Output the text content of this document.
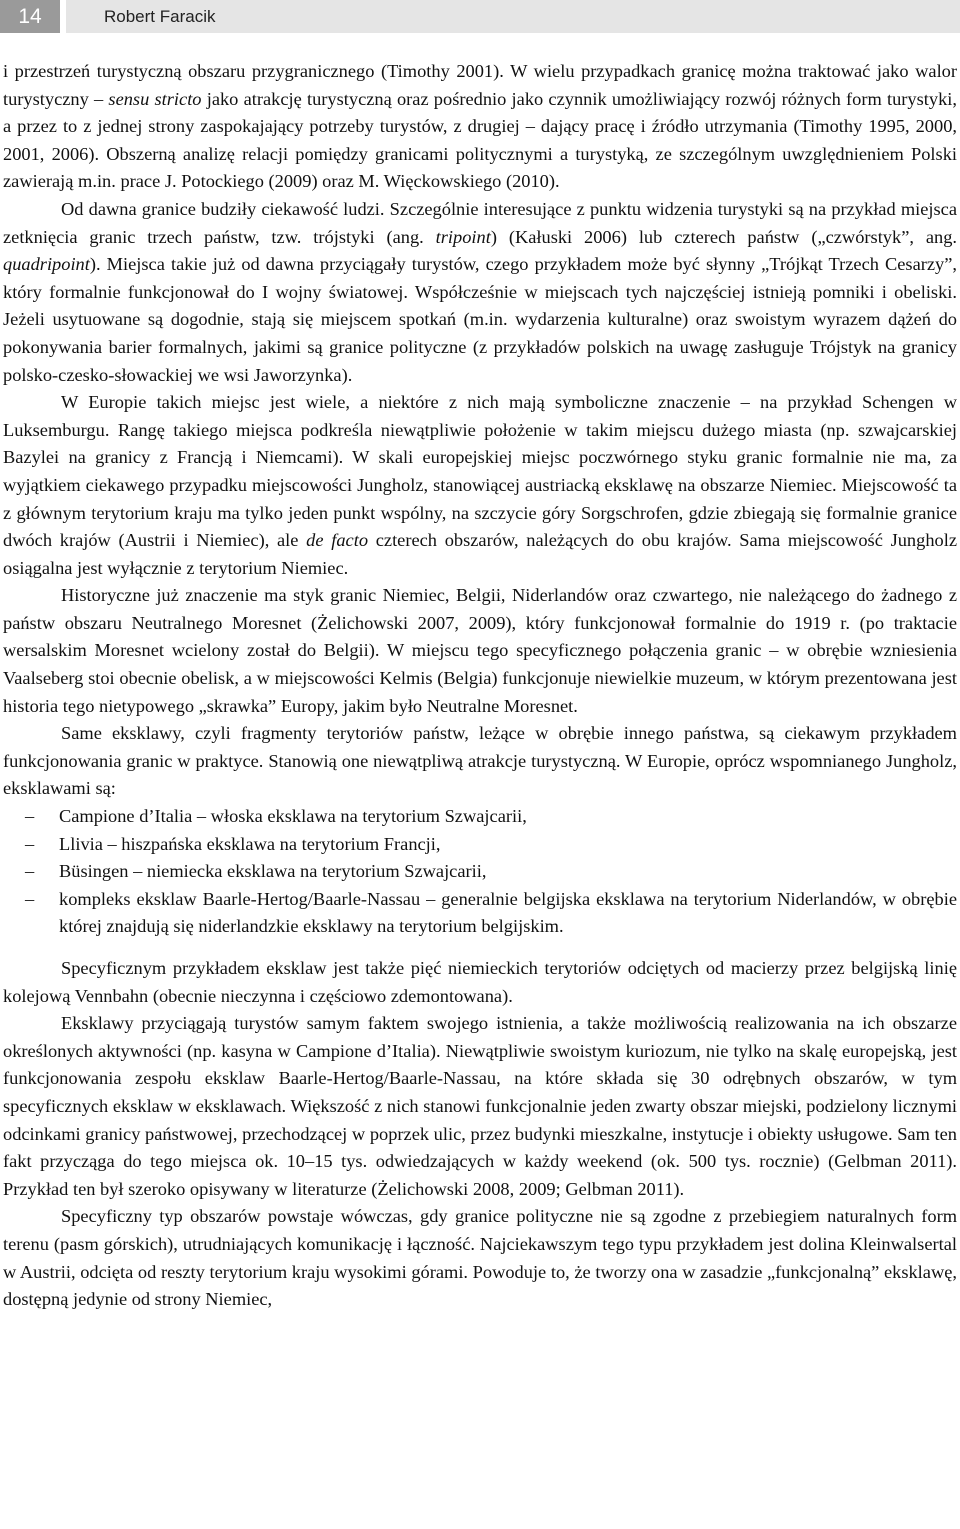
14	Robert Faracik

i przestrzeń turystyczną obszaru przygranicznego (Timothy 2001). W wielu przypadkach granicę można traktować jako walor turystyczny – sensu stricto jako atrakcję turystyczną oraz pośrednio jako czynnik umożliwiający rozwój różnych form turystyki, a przez to z jednej strony zaspokajający potrzeby turystów, z drugiej – dający pracę i źródło utrzymania (Timothy 1995, 2000, 2001, 2006). Obszerną analizę relacji pomiędzy granicami politycznymi a turystyką, ze szczególnym uwzględnieniem Polski zawierają m.in. prace J. Potockiego (2009) oraz M. Więckowskiego (2010).

Od dawna granice budziły ciekawość ludzi. Szczególnie interesujące z punktu widzenia turystyki są na przykład miejsca zetknięcia granic trzech państw, tzw. trójstyki (ang. tripoint) (Kałuski 2006) lub czterech państw („czwórstyk”, ang. quadripoint). Miejsca takie już od dawna przyciągały turystów, czego przykładem może być słynny „Trójkąt Trzech Cesarzy”, który formalnie funkcjonował do I wojny światowej. Współcześnie w miejscach tych najczęściej istnieją pomniki i obeliski. Jeżeli usytuowane są dogodnie, stają się miejscem spotkań (m.in. wydarzenia kulturalne) oraz swoistym wyrazem dążeń do pokonywania barier formalnych, jakimi są granice polityczne (z przykładów polskich na uwagę zasługuje Trójstyk na granicy polsko-czesko-słowackiej we wsi Jaworzynka).

W Europie takich miejsc jest wiele, a niektóre z nich mają symboliczne znaczenie – na przykład Schengen w Luksemburgu. Rangę takiego miejsca podkreśla niewątpliwie położenie w takim miejscu dużego miasta (np. szwajcarskiej Bazylei na granicy z Francją i Niemcami). W skali europejskiej miejsc poczwórnego styku granic formalnie nie ma, za wyjątkiem ciekawego przypadku miejscowości Jungholz, stanowiącej austriacką eksklawę na obszarze Niemiec. Miejscowość ta z głównym terytorium kraju ma tylko jeden punkt wspólny, na szczycie góry Sorgschrofen, gdzie zbiegają się formalnie granice dwóch krajów (Austrii i Niemiec), ale de facto czterech obszarów, należących do obu krajów. Sama miejscowość Jungholz osiągalna jest wyłącznie z terytorium Niemiec.

Historyczne już znaczenie ma styk granic Niemiec, Belgii, Niderlandów oraz czwartego, nie należącego do żadnego z państw obszaru Neutralnego Moresnet (Żelichowski 2007, 2009), który funkcjonował formalnie do 1919 r. (po traktacie wersalskim Moresnet wcielony został do Belgii). W miejscu tego specyficznego połączenia granic – w obrębie wzniesienia Vaalseberg stoi obecnie obelisk, a w miejscowości Kelmis (Belgia) funkcjonuje niewielkie muzeum, w którym prezentowana jest historia tego nietypowego „skrawka” Europy, jakim było Neutralne Moresnet.

Same eksklawy, czyli fragmenty terytoriów państw, leżące w obrębie innego państwa, są ciekawym przykładem funkcjonowania granic w praktyce. Stanowią one niewątpliwą atrakcje turystyczną. W Europie, oprócz wspomnianego Jungholz, eksklawami są:

– Campione d’Italia – włoska eksklawa na terytorium Szwajcarii,
– Llivia – hiszpańska eksklawa na terytorium Francji,
– Büsingen – niemiecka eksklawa na terytorium Szwajcarii,
– kompleks eksklaw Baarle-Hertog/Baarle-Nassau – generalnie belgijska eksklawa na terytorium Niderlandów, w obrębie której znajdują się niderlandzkie eksklawy na terytorium belgijskim.

Specyficznym przykładem eksklaw jest także pięć niemieckich terytoriów odciętych od macierzy przez belgijską linię kolejową Vennbahn (obecnie nieczynna i częściowo zdemontowana).

Eksklawy przyciągają turystów samym faktem swojego istnienia, a także możliwością realizowania na ich obszarze określonych aktywności (np. kasyna w Campione d’Italia). Niewątpliwie swoistym kuriozum, nie tylko na skalę europejską, jest funkcjonowania zespołu eksklaw Baarle-Hertog/Baarle-Nassau, na które składa się 30 odrębnych obszarów, w tym specyficznych eksklaw w eksklawach. Większość z nich stanowi funkcjonalnie jeden zwarty obszar miejski, podzielony licznymi odcinkami granicy państwowej, przechodzącej w poprzek ulic, przez budynki mieszkalne, instytucje i obiekty usługowe. Sam ten fakt przycząga do tego miejsca ok. 10–15 tys. odwiedzających w każdy weekend (ok. 500 tys. rocznie) (Gelbman 2011). Przykład ten był szeroko opisywany w literaturze (Żelichowski 2008, 2009; Gelbman 2011).

Specyficzny typ obszarów powstaje wówczas, gdy granice polityczne nie są zgodne z przebiegiem naturalnych form terenu (pasm górskich), utrudniających komunikację i łączność. Najciekawszym tego typu przykładem jest dolina Kleinwalsertal w Austrii, odcięta od reszty terytorium kraju wysokimi górami. Powoduje to, że tworzy ona w zasadzie „funkcjonalną” eksklawę, dostępną jedynie od strony Niemiec,
